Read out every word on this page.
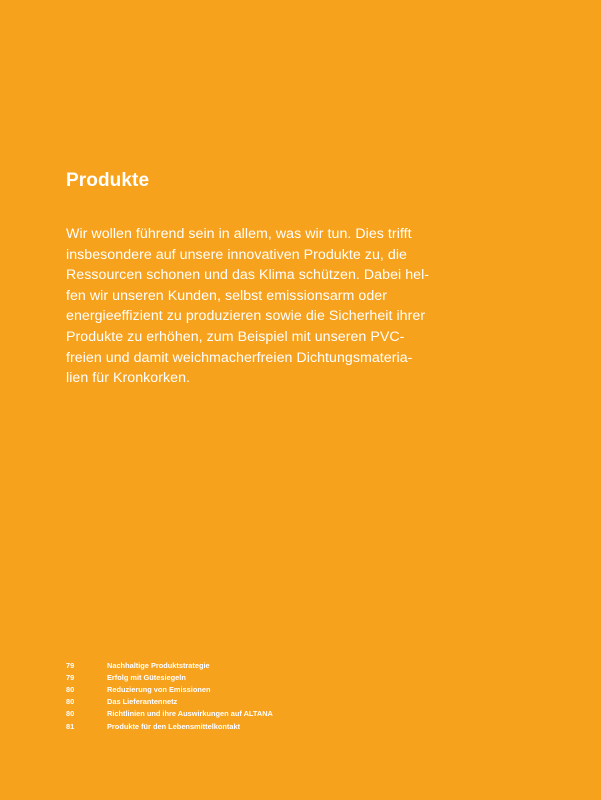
Produkte
Wir wollen führend sein in allem, was wir tun. Dies trifft
insbesondere auf unsere innovativen Produkte zu, die
Ressourcen schonen und das Klima schützen. Dabei hel-
fen wir unseren Kunden, selbst emissionsarm oder
energieeffizient zu produzieren sowie die Sicherheit ihrer
Produkte zu erhöhen, zum Beispiel mit unseren PVC-
freien und damit weichmacherfreien Dichtungsmateria-
lien für Kronkorken.
79	Nachhaltige Produktstrategie
79	Erfolg mit Gütesiegeln
80	Reduzierung von Emissionen
80	Das Lieferantennetz
80	Richtlinien und ihre Auswirkungen auf ALTANA
81	Produkte für den Lebensmittelkontakt
